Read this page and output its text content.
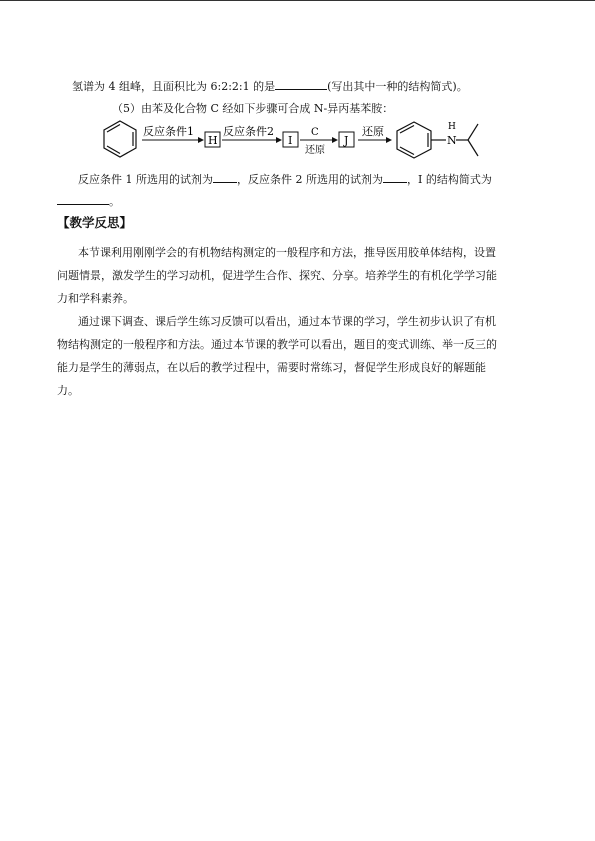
氢谱为 4 组峰，且面积比为 6:2:2:1 的是	(写出其中一种的结构简式)。
（5）由苯及化合物 C 经如下步骤可合成 N-异丙基苯胺：
反应条件1
H
反应条件2
I
C
还原
J
还原
N
H
反应条件 1 所选用的试剂为 ，反应条件 2 所选用的试剂为 ，I 的结构简式为
。
【教学反思】
本节课利用刚刚学会的有机物结构测定的一般程序和方法，推导医用胶单体结构，设置
问题情景，激发学生的学习动机，促进学生合作、探究、分享。培养学生的有机化学学习能
力和学科素养。
通过课下调查、课后学生练习反馈可以看出，通过本节课的学习，学生初步认识了有机
物结构测定的一般程序和方法。通过本节课的教学可以看出，题目的变式训练、举一反三的
能力是学生的薄弱点，在以后的教学过程中，需要时常练习，督促学生形成良好的解题能
力。
